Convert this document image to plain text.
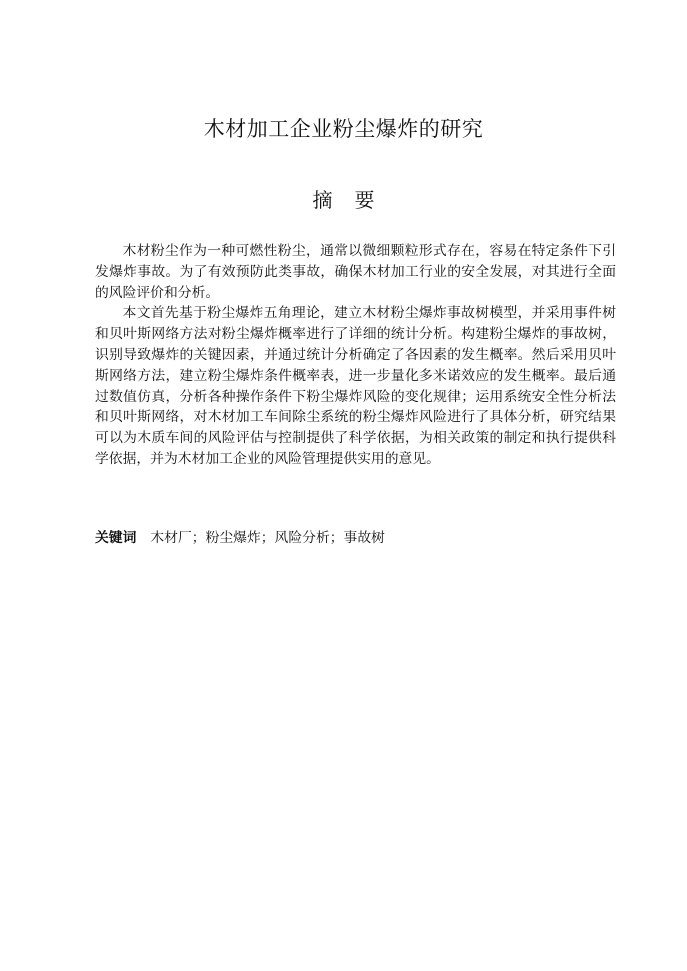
木材加工企业粉尘爆炸的研究
摘要

木材粉尘作为一种可燃性粉尘，通常以微细颗粒形式存在，容易在特定条件下引发爆炸事故。为了有效预防此类事故，确保木材加工行业的安全发展，对其进行全面的风险评价和分析。

本文首先基于粉尘爆炸五角理论，建立木材粉尘爆炸事故树模型，并采用事件树和贝叶斯网络方法对粉尘爆炸概率进行了详细的统计分析。构建粉尘爆炸的事故树，识别导致爆炸的关键因素，并通过统计分析确定了各因素的发生概率。然后采用贝叶斯网络方法，建立粉尘爆炸条件概率表，进一步量化多米诺效应的发生概率。最后通过数值仿真，分析各种操作条件下粉尘爆炸风险的变化规律；运用系统安全性分析法和贝叶斯网络，对木材加工车间除尘系统的粉尘爆炸风险进行了具体分析，研究结果可以为木质车间的风险评估与控制提供了科学依据，为相关政策的制定和执行提供科学依据，并为木材加工企业的风险管理提供实用的意见。

关键词 木材厂；粉尘爆炸；风险分析；事故树
